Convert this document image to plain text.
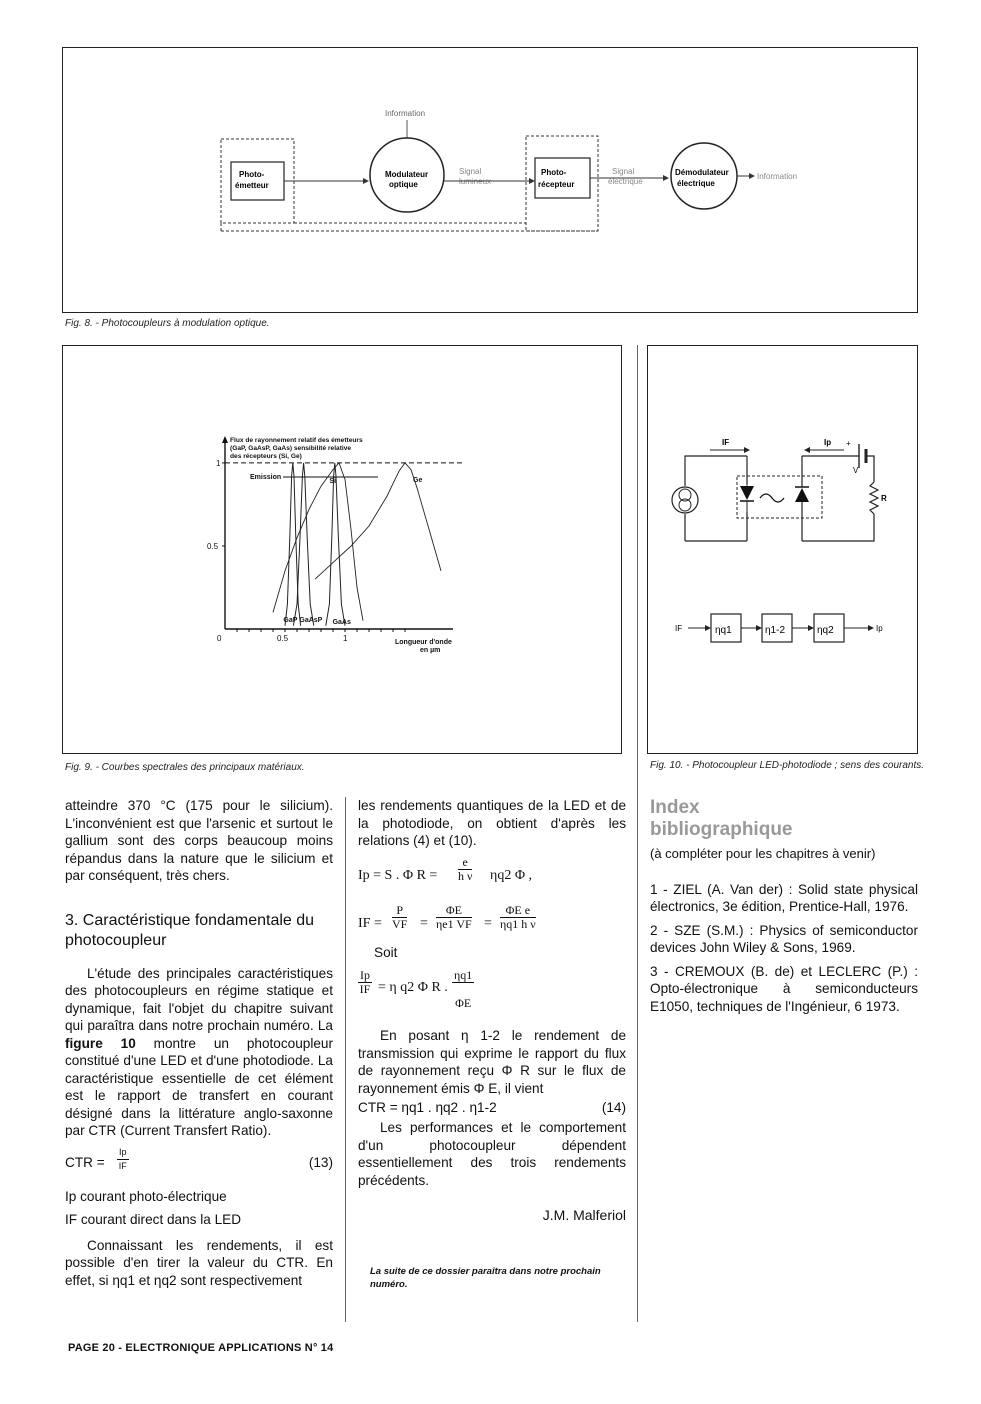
Information
Photo-
émetteur
Modulateur
optique
Signal
lumineux
Photo-
récepteur
Signal
électrique
Démodulateur
électrique
Information
Fig. 8. - Photocoupleurs à modulation optique.
0	0.5	1
0.5
1
Flux de rayonnement relatif des émetteurs
(GaP, GaAsP, GaAs) sensibilité relative
des récepteurs (Si, Ge)
Longueur d'onde
en µm
Emission
GaP GaAsP GaAs
Si	Ge
Fig. 9. - Courbes spectrales des principaux matériaux.
IF	Ip +
V
R
IF	ηq1	η1-2	ηq2	Ip
Fig. 10. - Photocoupleur LED-photodiode ; sens des courants.

atteindre 370 °C (175 pour le silicium). L'inconvénient est que l'arsenic et surtout le gallium sont des corps beaucoup moins répandus dans la nature que le silicium et par conséquent, très chers.

3. Caractéristique fondamentale du photocoupleur

L'étude des principales caractéristiques des photocoupleurs en régime statique et dynamique, fait l'objet du chapitre suivant qui paraîtra dans notre prochain numéro. La figure 10 montre un photocoupleur constitué d'une LED et d'une photodiode. La caractéristique essentielle de cet élément est le rapport de transfert en courant désigné dans la littérature anglo-saxonne par CTR (Current Transfert Ratio).

CTR = $\frac{Ip}{IF}$	(13)

Ip courant photo-électrique

IF courant direct dans la LED

Connaissant les rendements, il est possible d'en tirer la valeur du CTR. En effet, si ηq1 et ηq2 sont respectivement

les rendements quantiques de la LED et de la photodiode, on obtient d'après les relations (4) et (10).

Ip = S . Φ $R = \frac{e}{\text{h ν}} \eta q2$ Φ ,
IF = $\frac{P}{VF} = \frac{\Phi E}{\eta e1 VF} = \frac{\text{ΦE e}}{\text{ηq1 h ν}}$

Soit

$\frac{Ip}{IF} = \eta$ q2 Φ R . $\frac{\eta q1}{\Phi E}$

En posant η 1-2 le rendement de transmission qui exprime le rapport du flux de rayonnement reçu Φ R sur le flux de rayonnement émis Φ E, il vient

CTR = ηq1 . ηq2 . η1-2	(14)

Les performances et le comportement d'un photocoupleur dépendent essentiellement des trois rendements précédents.

J.M. Malferiol

La suite de ce dossier paraîtra dans notre prochain numéro.

Index
bibliographique

(à compléter pour les chapitres à venir)

1 - ZIEL (A. Van der) : Solid state physical électronics, 3e édition, Prentice-Hall, 1976.

2 - SZE (S.M.) : Physics of semiconductor devices John Wiley & Sons, 1969.

3 - CREMOUX (B. de) et LECLERC (P.) : Opto-électronique à semiconducteurs E1050, techniques de l'Ingénieur, 6 1973.

PAGE 20 - ELECTRONIQUE APPLICATIONS N° 14
